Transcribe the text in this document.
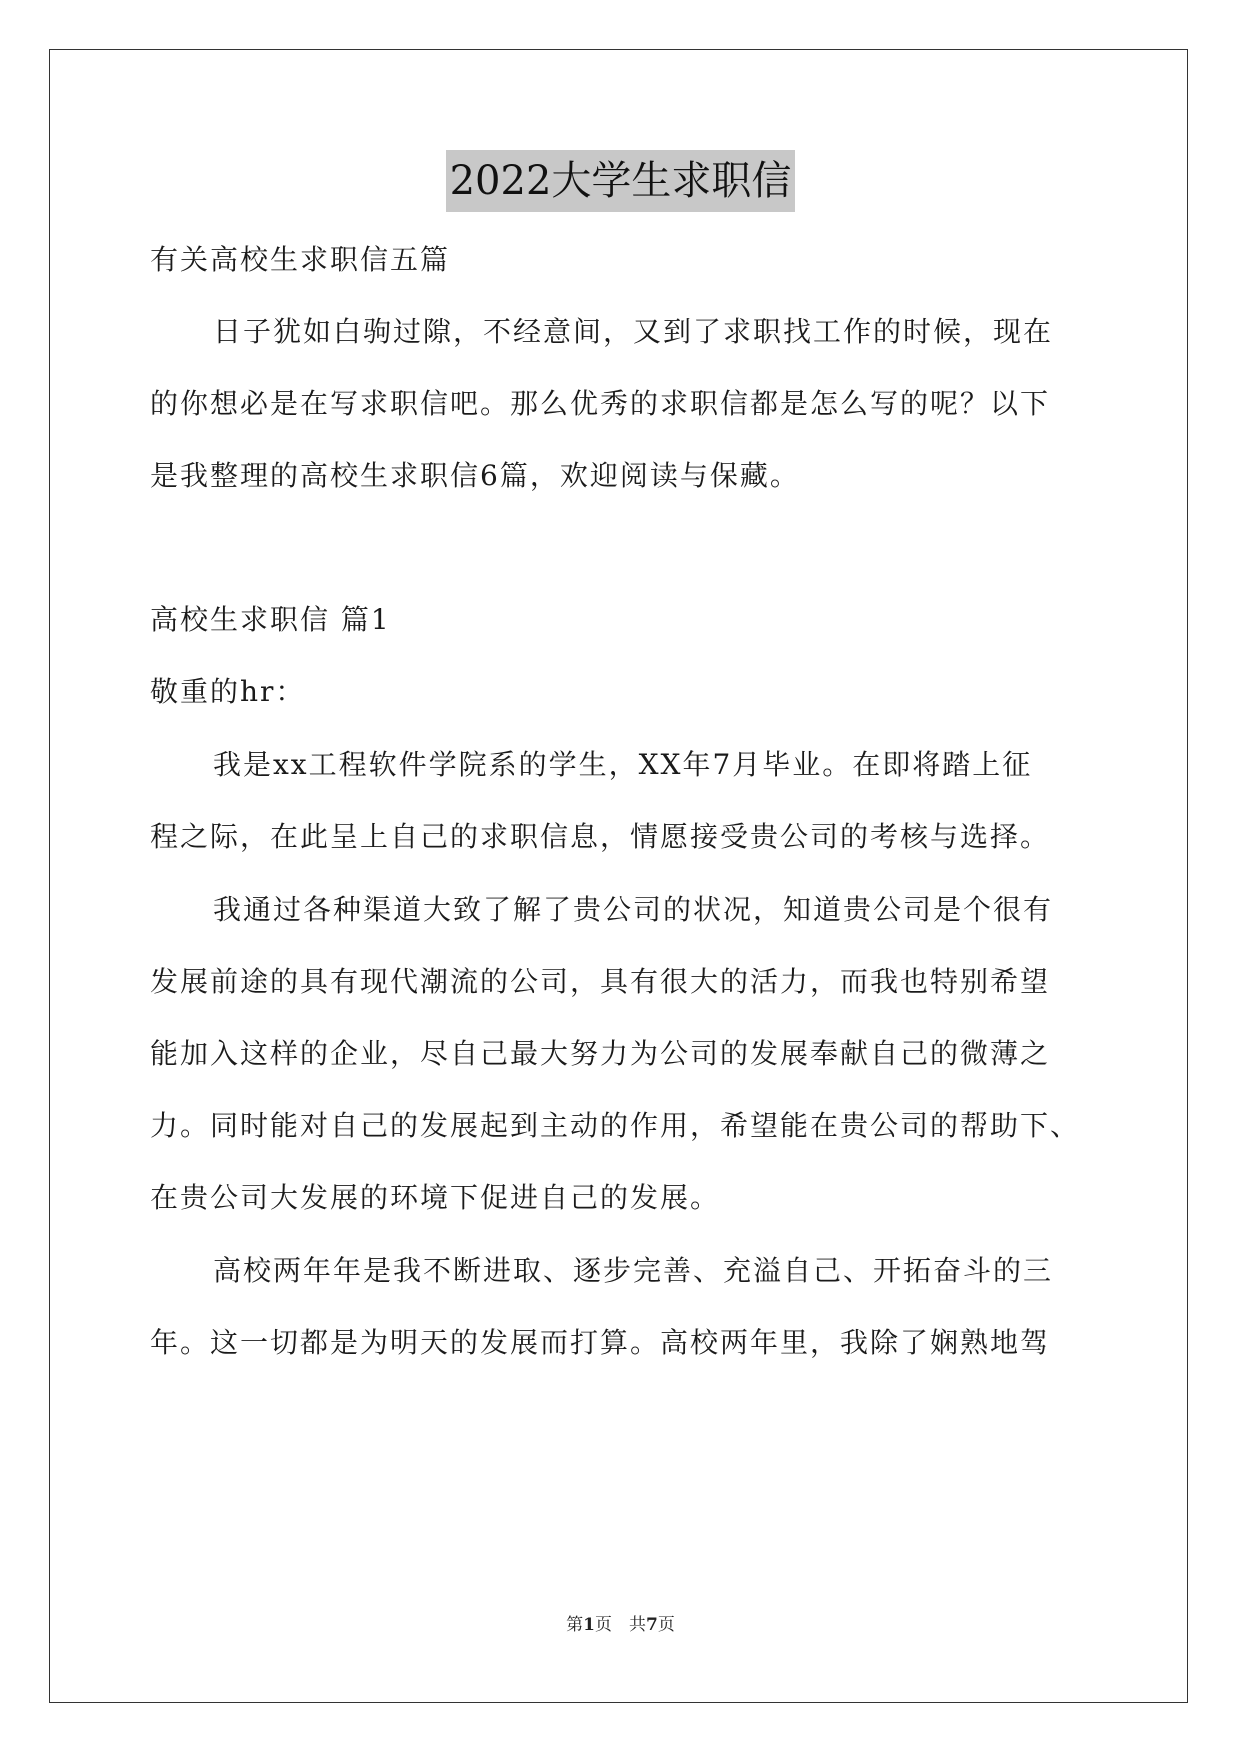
2022大学生求职信
有关高校生求职信五篇
日子犹如白驹过隙，不经意间，又到了求职找工作的时候，现在
的你想必是在写求职信吧。那么优秀的求职信都是怎么写的呢？以下
是我整理的高校生求职信6篇，欢迎阅读与保藏。
高校生求职信 篇1
敬重的hr：
我是xx工程软件学院系的学生，XX年7月毕业。在即将踏上征
程之际，在此呈上自己的求职信息，情愿接受贵公司的考核与选择。
我通过各种渠道大致了解了贵公司的状况，知道贵公司是个很有
发展前途的具有现代潮流的公司，具有很大的活力，而我也特别希望
能加入这样的企业，尽自己最大努力为公司的发展奉献自己的微薄之
力。同时能对自己的发展起到主动的作用，希望能在贵公司的帮助下、
在贵公司大发展的环境下促进自己的发展。
高校两年年是我不断进取、逐步完善、充溢自己、开拓奋斗的三
年。这一切都是为明天的发展而打算。高校两年里，我除了娴熟地驾
第1页　共7页
